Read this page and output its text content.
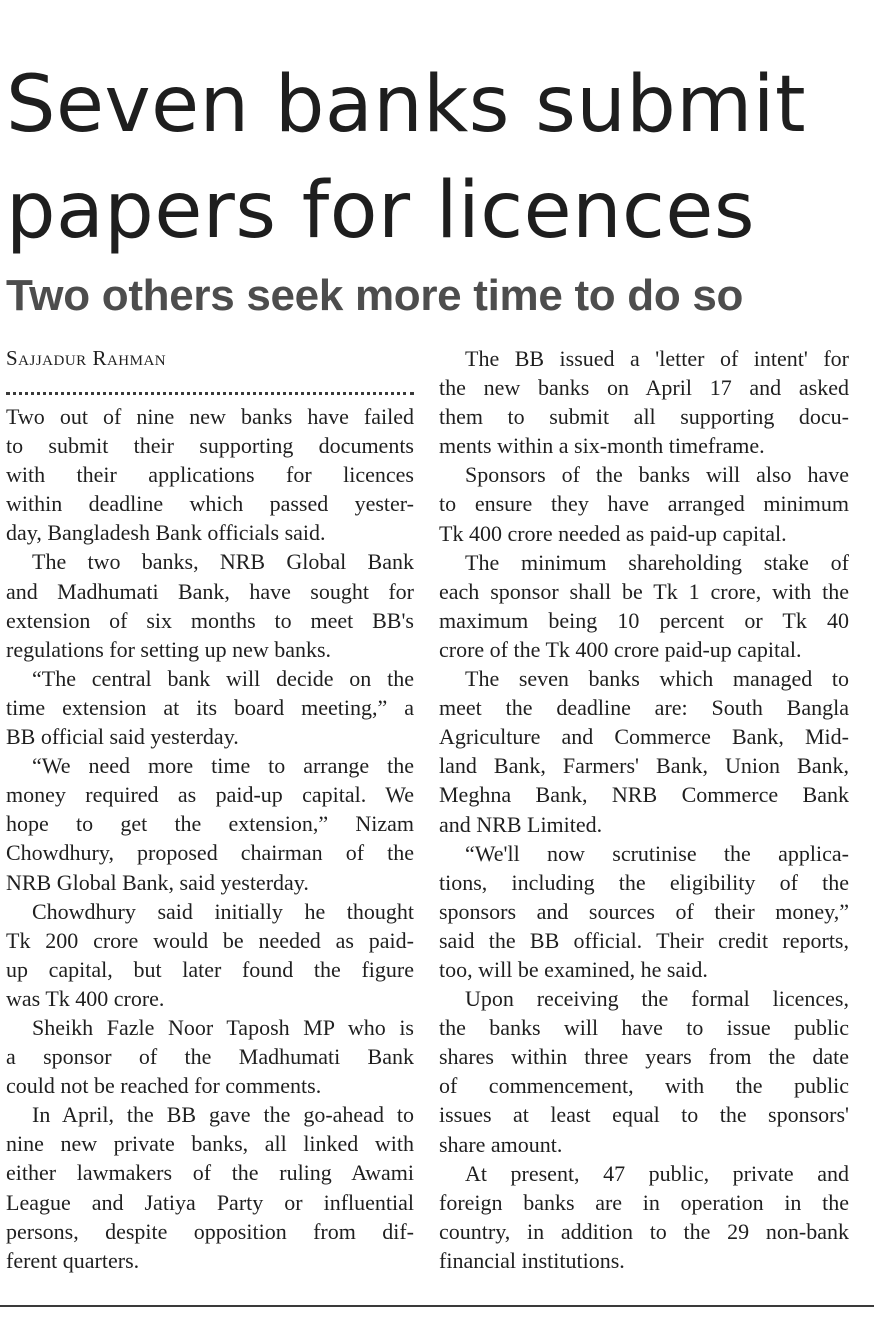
Seven banks submit
papers for licences
Two others seek more time to do so
Sajjadur Rahman
Two out of nine new banks have failed
to submit their supporting documents
with their applications for licences
within deadline which passed yester-
day, Bangladesh Bank officials said.
The two banks, NRB Global Bank
and Madhumati Bank, have sought for
extension of six months to meet BB's
regulations for setting up new banks.
“The central bank will decide on the
time extension at its board meeting,” a
BB official said yesterday.
“We need more time to arrange the
money required as paid-up capital. We
hope to get the extension,” Nizam
Chowdhury, proposed chairman of the
NRB Global Bank, said yesterday.
Chowdhury said initially he thought
Tk 200 crore would be needed as paid-
up capital, but later found the figure
was Tk 400 crore.
Sheikh Fazle Noor Taposh MP who is
a sponsor of the Madhumati Bank
could not be reached for comments.
In April, the BB gave the go-ahead to
nine new private banks, all linked with
either lawmakers of the ruling Awami
League and Jatiya Party or influential
persons, despite opposition from dif-
ferent quarters.
The BB issued a 'letter of intent' for
the new banks on April 17 and asked
them to submit all supporting docu-
ments within a six-month timeframe.
Sponsors of the banks will also have
to ensure they have arranged minimum
Tk 400 crore needed as paid-up capital.
The minimum shareholding stake of
each sponsor shall be Tk 1 crore, with the
maximum being 10 percent or Tk 40
crore of the Tk 400 crore paid-up capital.
The seven banks which managed to
meet the deadline are: South Bangla
Agriculture and Commerce Bank, Mid-
land Bank, Farmers' Bank, Union Bank,
Meghna Bank, NRB Commerce Bank
and NRB Limited.
“We'll now scrutinise the applica-
tions, including the eligibility of the
sponsors and sources of their money,”
said the BB official. Their credit reports,
too, will be examined, he said.
Upon receiving the formal licences,
the banks will have to issue public
shares within three years from the date
of commencement, with the public
issues at least equal to the sponsors'
share amount.
At present, 47 public, private and
foreign banks are in operation in the
country, in addition to the 29 non-bank
financial institutions.
